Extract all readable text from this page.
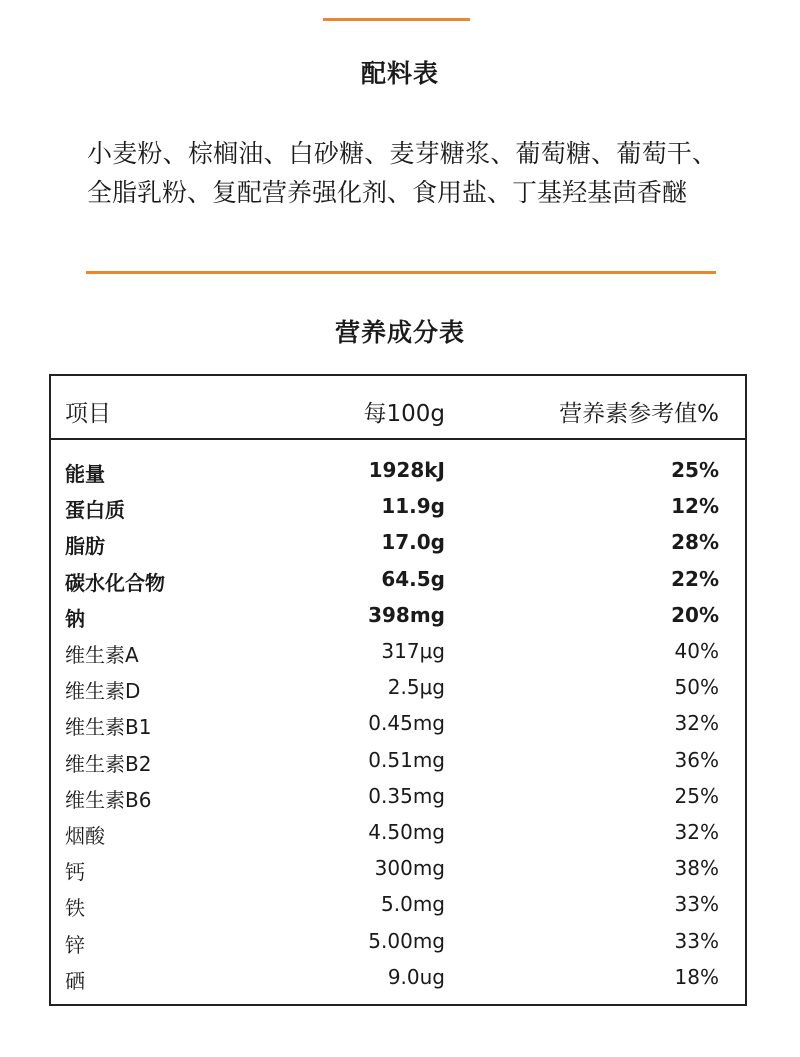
配料表

小麦粉、棕榈油、白砂糖、麦芽糖浆、葡萄糖、葡萄干、全脂乳粉、复配营养强化剂、食用盐、丁基羟基茴香醚

营养成分表
项目	每100g	营养素参考值%
能量	1928kJ	25%
蛋白质	11.9g	12%
脂肪	17.0g	28%
碳水化合物	64.5g	22%
钠	398mg	20%
维生素A	317μg	40%
维生素D	2.5μg	50%
维生素B1	0.45mg	32%
维生素B2	0.51mg	36%
维生素B6	0.35mg	25%
烟酸	4.50mg	32%
钙	300mg	38%
铁	5.0mg	33%
锌	5.00mg	33%
硒	9.0ug	18%
